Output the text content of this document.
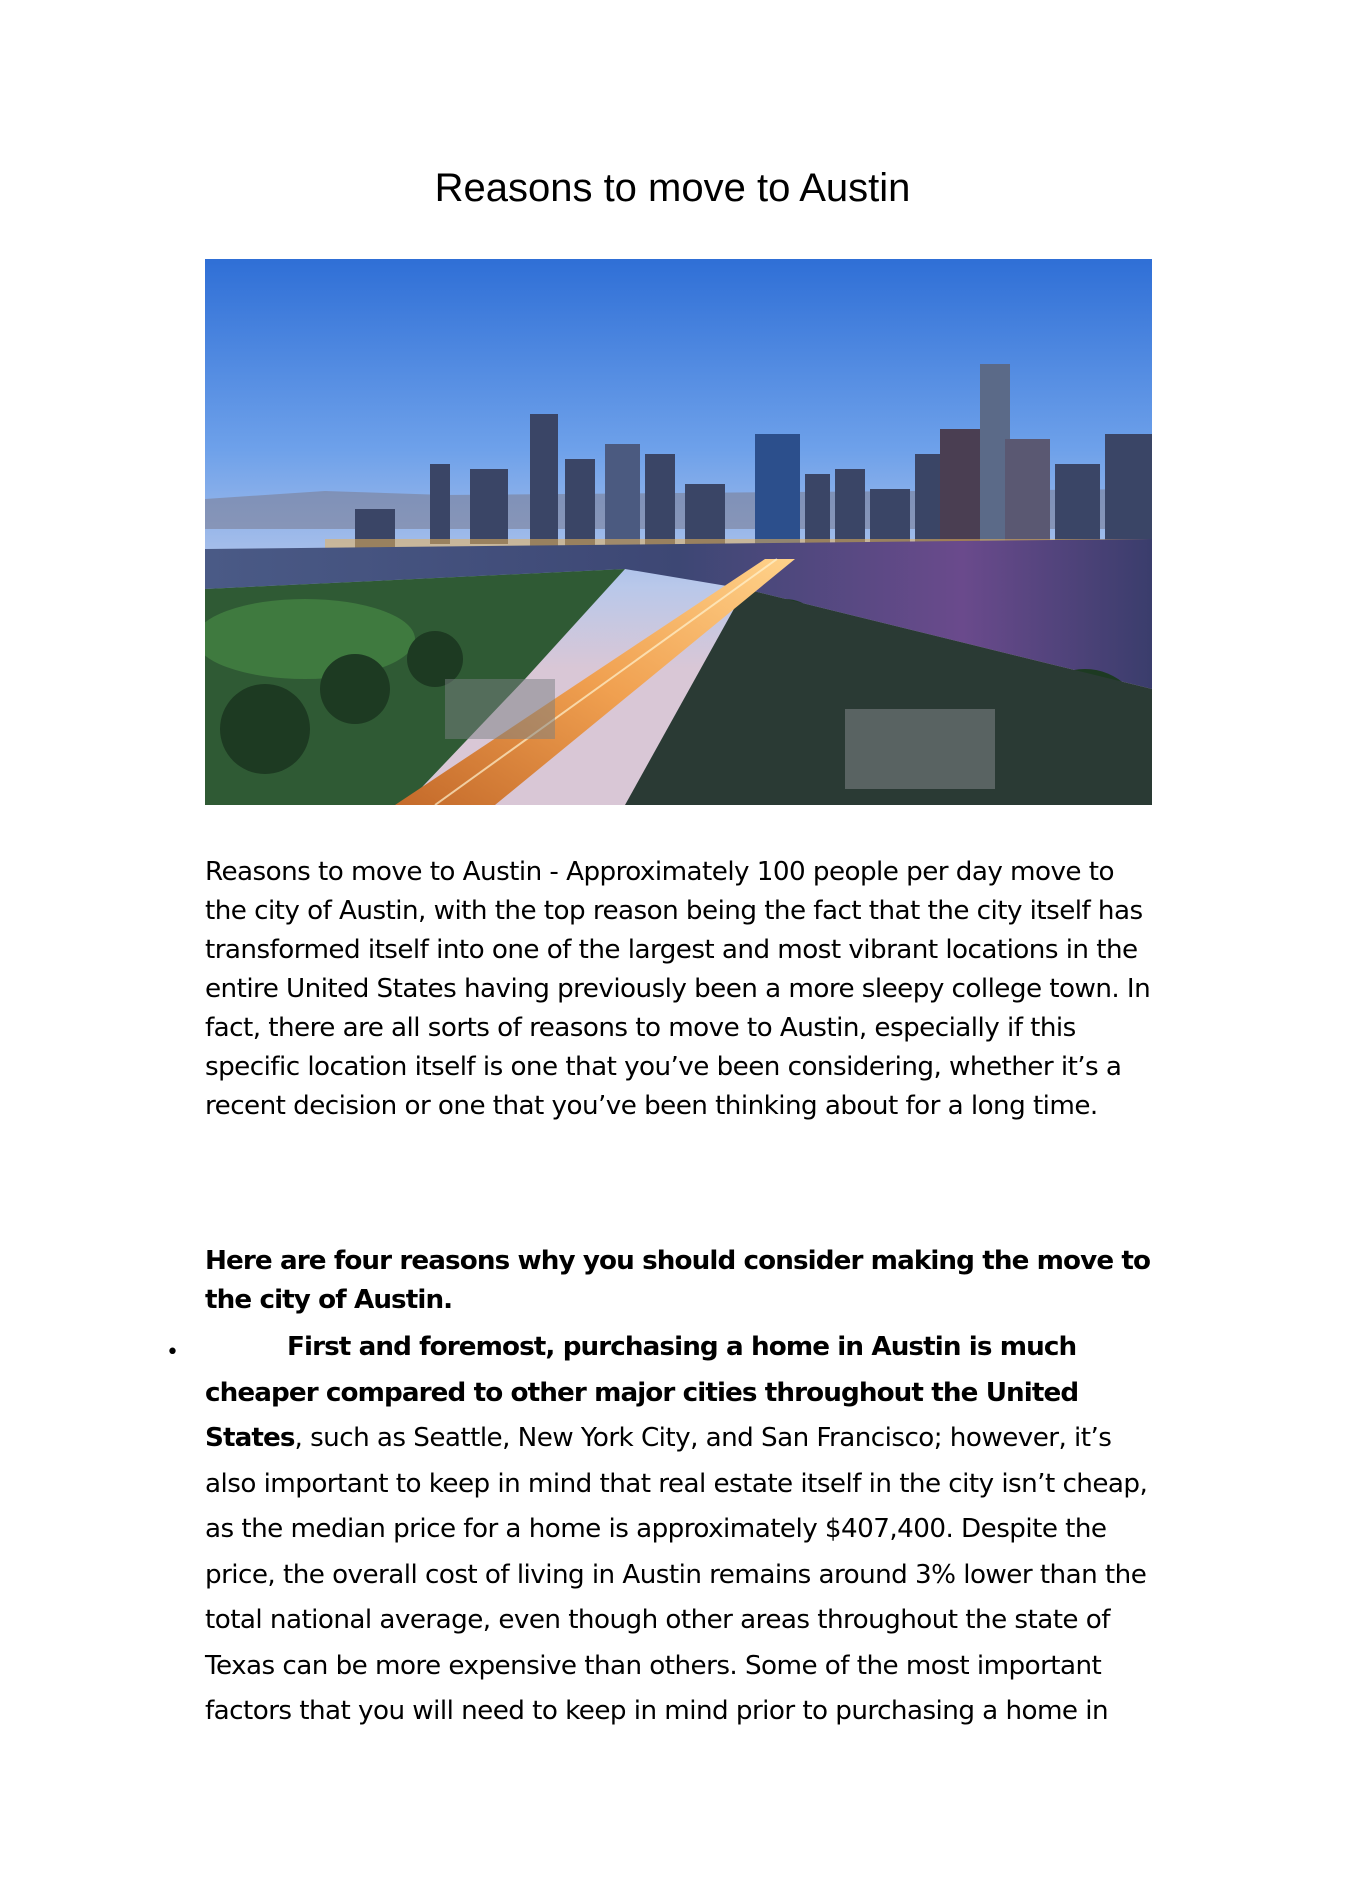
Reasons to move to Austin

Reasons to move to Austin - Approximately 100 people per day move to the city of Austin, with the top reason being the fact that the city itself has transformed itself into one of the largest and most vibrant locations in the entire United States having previously been a more sleepy college town. In fact, there are all sorts of reasons to move to Austin, especially if this specific location itself is one that you’ve been considering, whether it’s a recent decision or one that you’ve been thinking about for a long time.

Here are four reasons why you should consider making the move to the city of Austin.

•	First and foremost, purchasing a home in Austin is much cheaper compared to other major cities throughout the United States, such as Seattle, New York City, and San Francisco; however, it’s also important to keep in mind that real estate itself in the city isn’t cheap, as the median price for a home is approximately $407,400. Despite the price, the overall cost of living in Austin remains around 3% lower than the total national average, even though other areas throughout the state of Texas can be more expensive than others. Some of the most important factors that you will need to keep in mind prior to purchasing a home in
